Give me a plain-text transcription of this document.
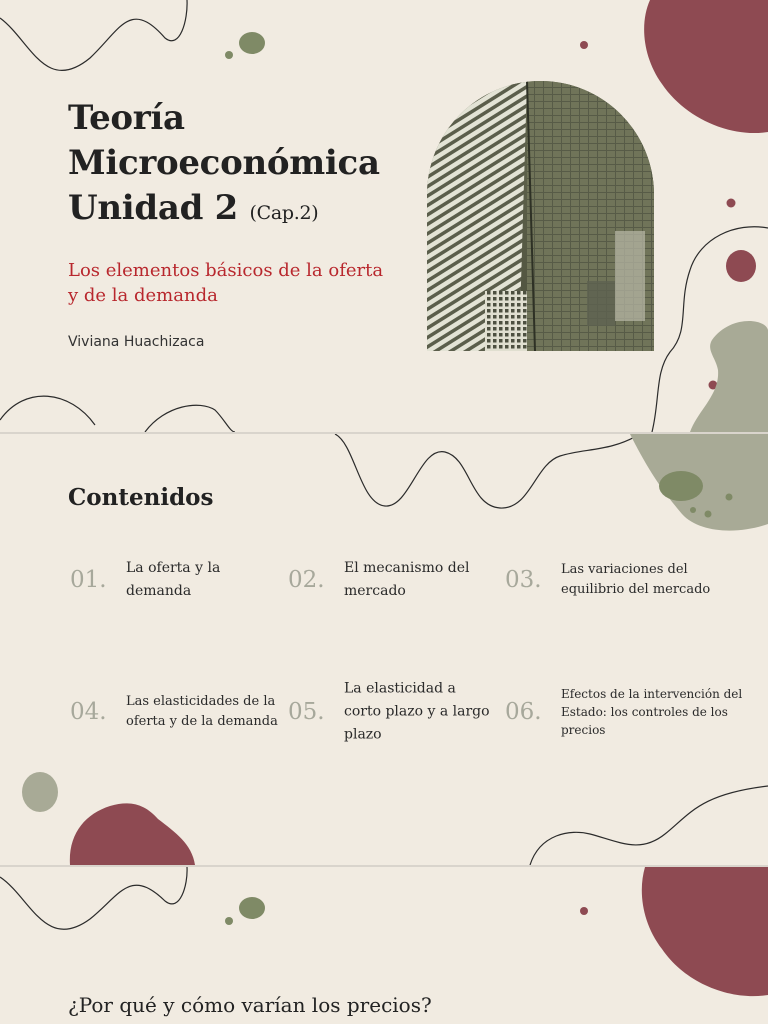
Teoría
Microeconómica
Unidad 2 (Cap.2)

Los elementos básicos de la oferta y de la demanda

Viviana Huachizaca
Contenidos
01. La oferta y la demanda	02. El mecanismo del mercado	03. Las variaciones del equilibrio del mercado
04. Las elasticidades de la oferta y de la demanda 05.
La elasticidad a corto plazo y a largo plazo
06.
Efectos de la intervención del Estado: los controles de los precios

¿Por qué y cómo varían los precios?
